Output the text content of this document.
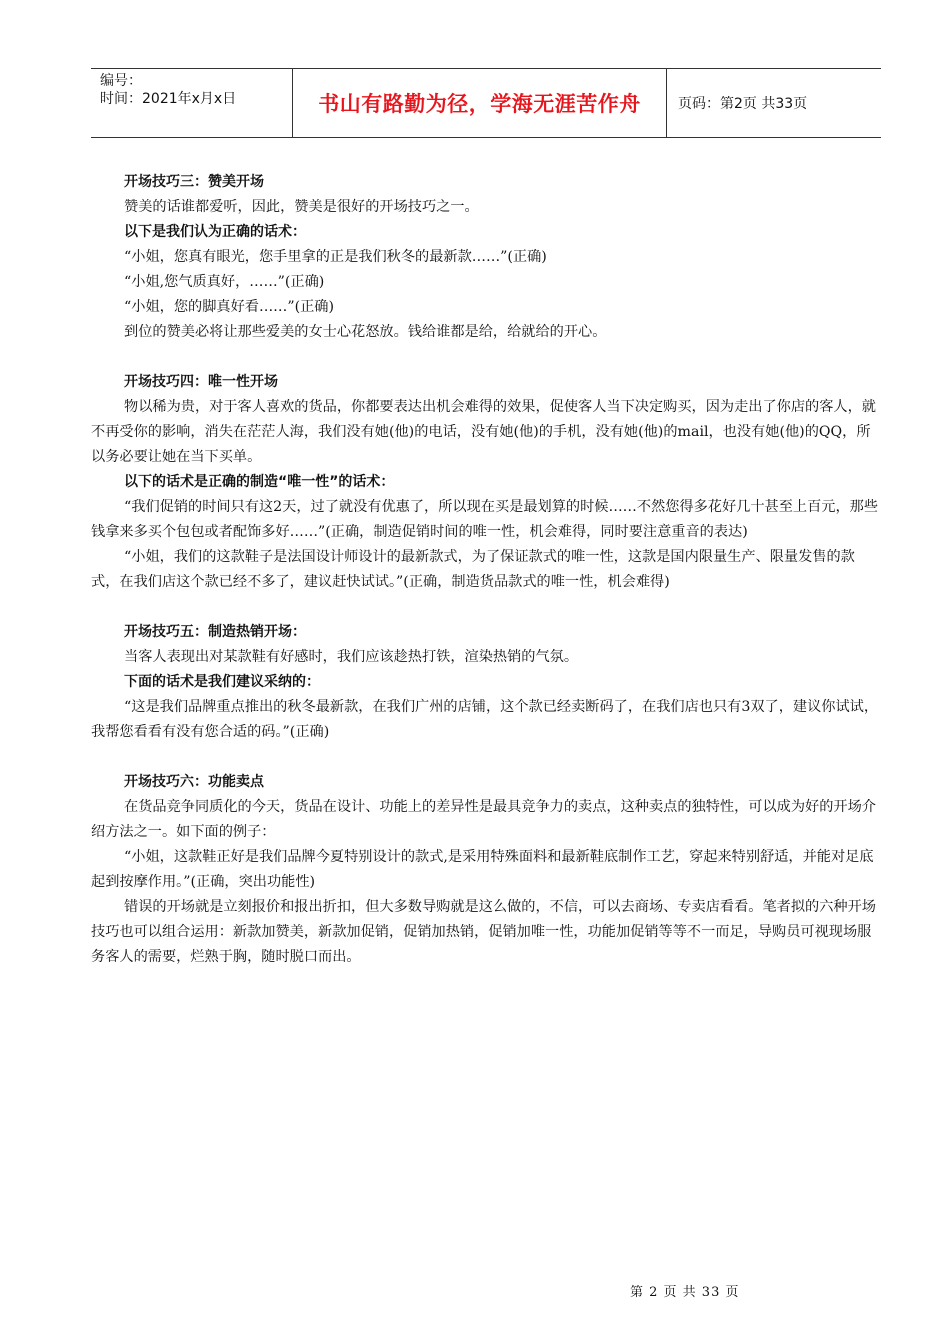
编号：
时间：2021年x月x日	书山有路勤为径，学海无涯苦作舟	页码：第2页 共33页
开场技巧三：赞美开场
赞美的话谁都爱听，因此，赞美是很好的开场技巧之一。
以下是我们认为正确的话术：
“小姐，您真有眼光，您手里拿的正是我们秋冬的最新款……”(正确)
“小姐,您气质真好，……”(正确)
“小姐，您的脚真好看……”(正确)
到位的赞美必将让那些爱美的女士心花怒放。钱给谁都是给，给就给的开心。
开场技巧四：唯一性开场
物以稀为贵，对于客人喜欢的货品，你都要表达出机会难得的效果，促使客人当下决定购买，因为走出了你店的客人，就不再受你的影响，消失在茫茫人海，我们没有她(他)的电话，没有她(他)的手机，没有她(他)的mail，也没有她(他)的QQ，所以务必要让她在当下买单。
以下的话术是正确的制造“唯一性”的话术：
“我们促销的时间只有这2天，过了就没有优惠了，所以现在买是最划算的时候……不然您得多花好几十甚至上百元，那些钱拿来多买个包包或者配饰多好……”(正确，制造促销时间的唯一性，机会难得，同时要注意重音的表达)
“小姐，我们的这款鞋子是法国设计师设计的最新款式，为了保证款式的唯一性，这款是国内限量生产、限量发售的款式，在我们店这个款已经不多了，建议赶快试试。”(正确，制造货品款式的唯一性，机会难得)
开场技巧五：制造热销开场：
当客人表现出对某款鞋有好感时，我们应该趁热打铁，渲染热销的气氛。
下面的话术是我们建议采纳的：
“这是我们品牌重点推出的秋冬最新款，在我们广州的店铺，这个款已经卖断码了，在我们店也只有3双了，建议你试试，我帮您看看有没有您合适的码。”(正确)
开场技巧六：功能卖点
在货品竞争同质化的今天，货品在设计、功能上的差异性是最具竞争力的卖点，这种卖点的独特性，可以成为好的开场介绍方法之一。如下面的例子：
“小姐，这款鞋正好是我们品牌今夏特别设计的款式,是采用特殊面料和最新鞋底制作工艺，穿起来特别舒适，并能对足底起到按摩作用。”(正确，突出功能性)
错误的开场就是立刻报价和报出折扣，但大多数导购就是这么做的，不信，可以去商场、专卖店看看。笔者拟的六种开场技巧也可以组合运用：新款加赞美，新款加促销，促销加热销，促销加唯一性，功能加促销等等不一而足，导购员可视现场服务客人的需要，烂熟于胸，随时脱口而出。
第 2 页 共 33 页
